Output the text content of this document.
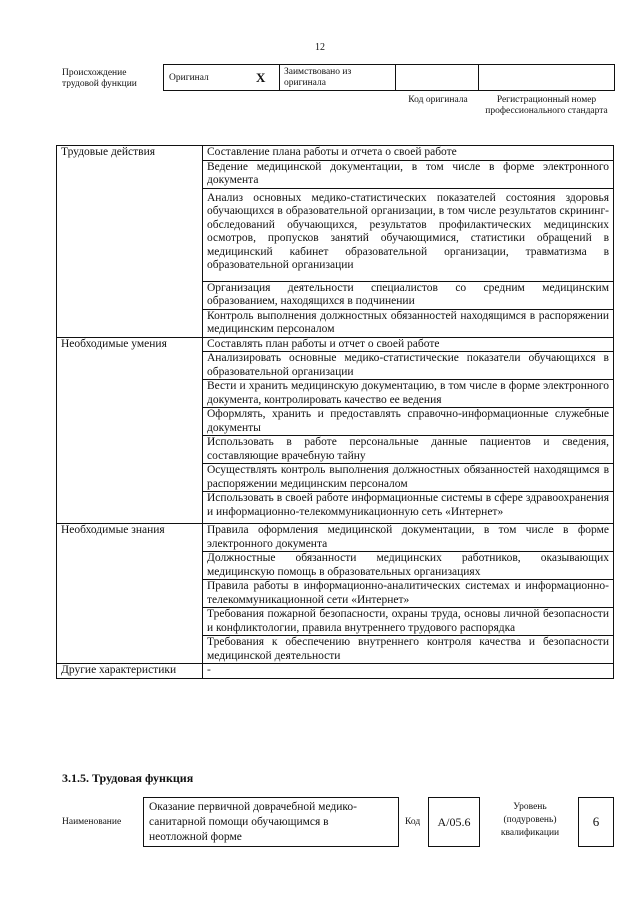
12
Происхождение трудовой функции
Оригинал	X Заимствовано из оригинала
Код оригинала	Регистрационный номер профессионального стандарта
Трудовые действия	Составление плана работы и отчета о своей работе
	Ведение медицинской документации, в том числе в форме электронного документа
	Анализ основных медико-статистических показателей состояния здоровья обучающихся в образовательной организации, в том числе результатов скрининг-обследований обучающихся, результатов профилактических медицинских осмотров, пропусков занятий обучающимися, статистики обращений в медицинский кабинет образовательной организации, травматизма в образовательной организации
	Организация деятельности специалистов со средним медицинским образованием, находящихся в подчинении
	Контроль выполнения должностных обязанностей находящимся в распоряжении медицинским персоналом
Необходимые умения	Составлять план работы и отчет о своей работе
	Анализировать основные медико-статистические показатели обучающихся в образовательной организации
	Вести и хранить медицинскую документацию, в том числе в форме электронного документа, контролировать качество ее ведения
	Оформлять, хранить и предоставлять справочно-информационные служебные документы
	Использовать в работе персональные данные пациентов и сведения, составляющие врачебную тайну
	Осуществлять контроль выполнения должностных обязанностей находящимся в распоряжении медицинским персоналом
	Использовать в своей работе информационные системы в сфере здравоохранения и информационно-телекоммуникационную сеть «Интернет»
Необходимые знания	Правила оформления медицинской документации, в том числе в форме электронного документа
	Должностные обязанности медицинских работников, оказывающих медицинскую помощь в образовательных организациях
	Правила работы в информационно-аналитических системах и информационно-телекоммуникационной сети «Интернет»
	Требования пожарной безопасности, охраны труда, основы личной безопасности и конфликтологии, правила внутреннего трудового распорядка
	Требования к обеспечению внутреннего контроля качества и безопасности медицинской деятельности
Другие характеристики	-
3.1.5. Трудовая функция
Наименование
Оказание первичной доврачебной медико-санитарной помощи обучающимся в неотложной форме
Код	A/05.6
Уровень (подуровень) квалификации
6
